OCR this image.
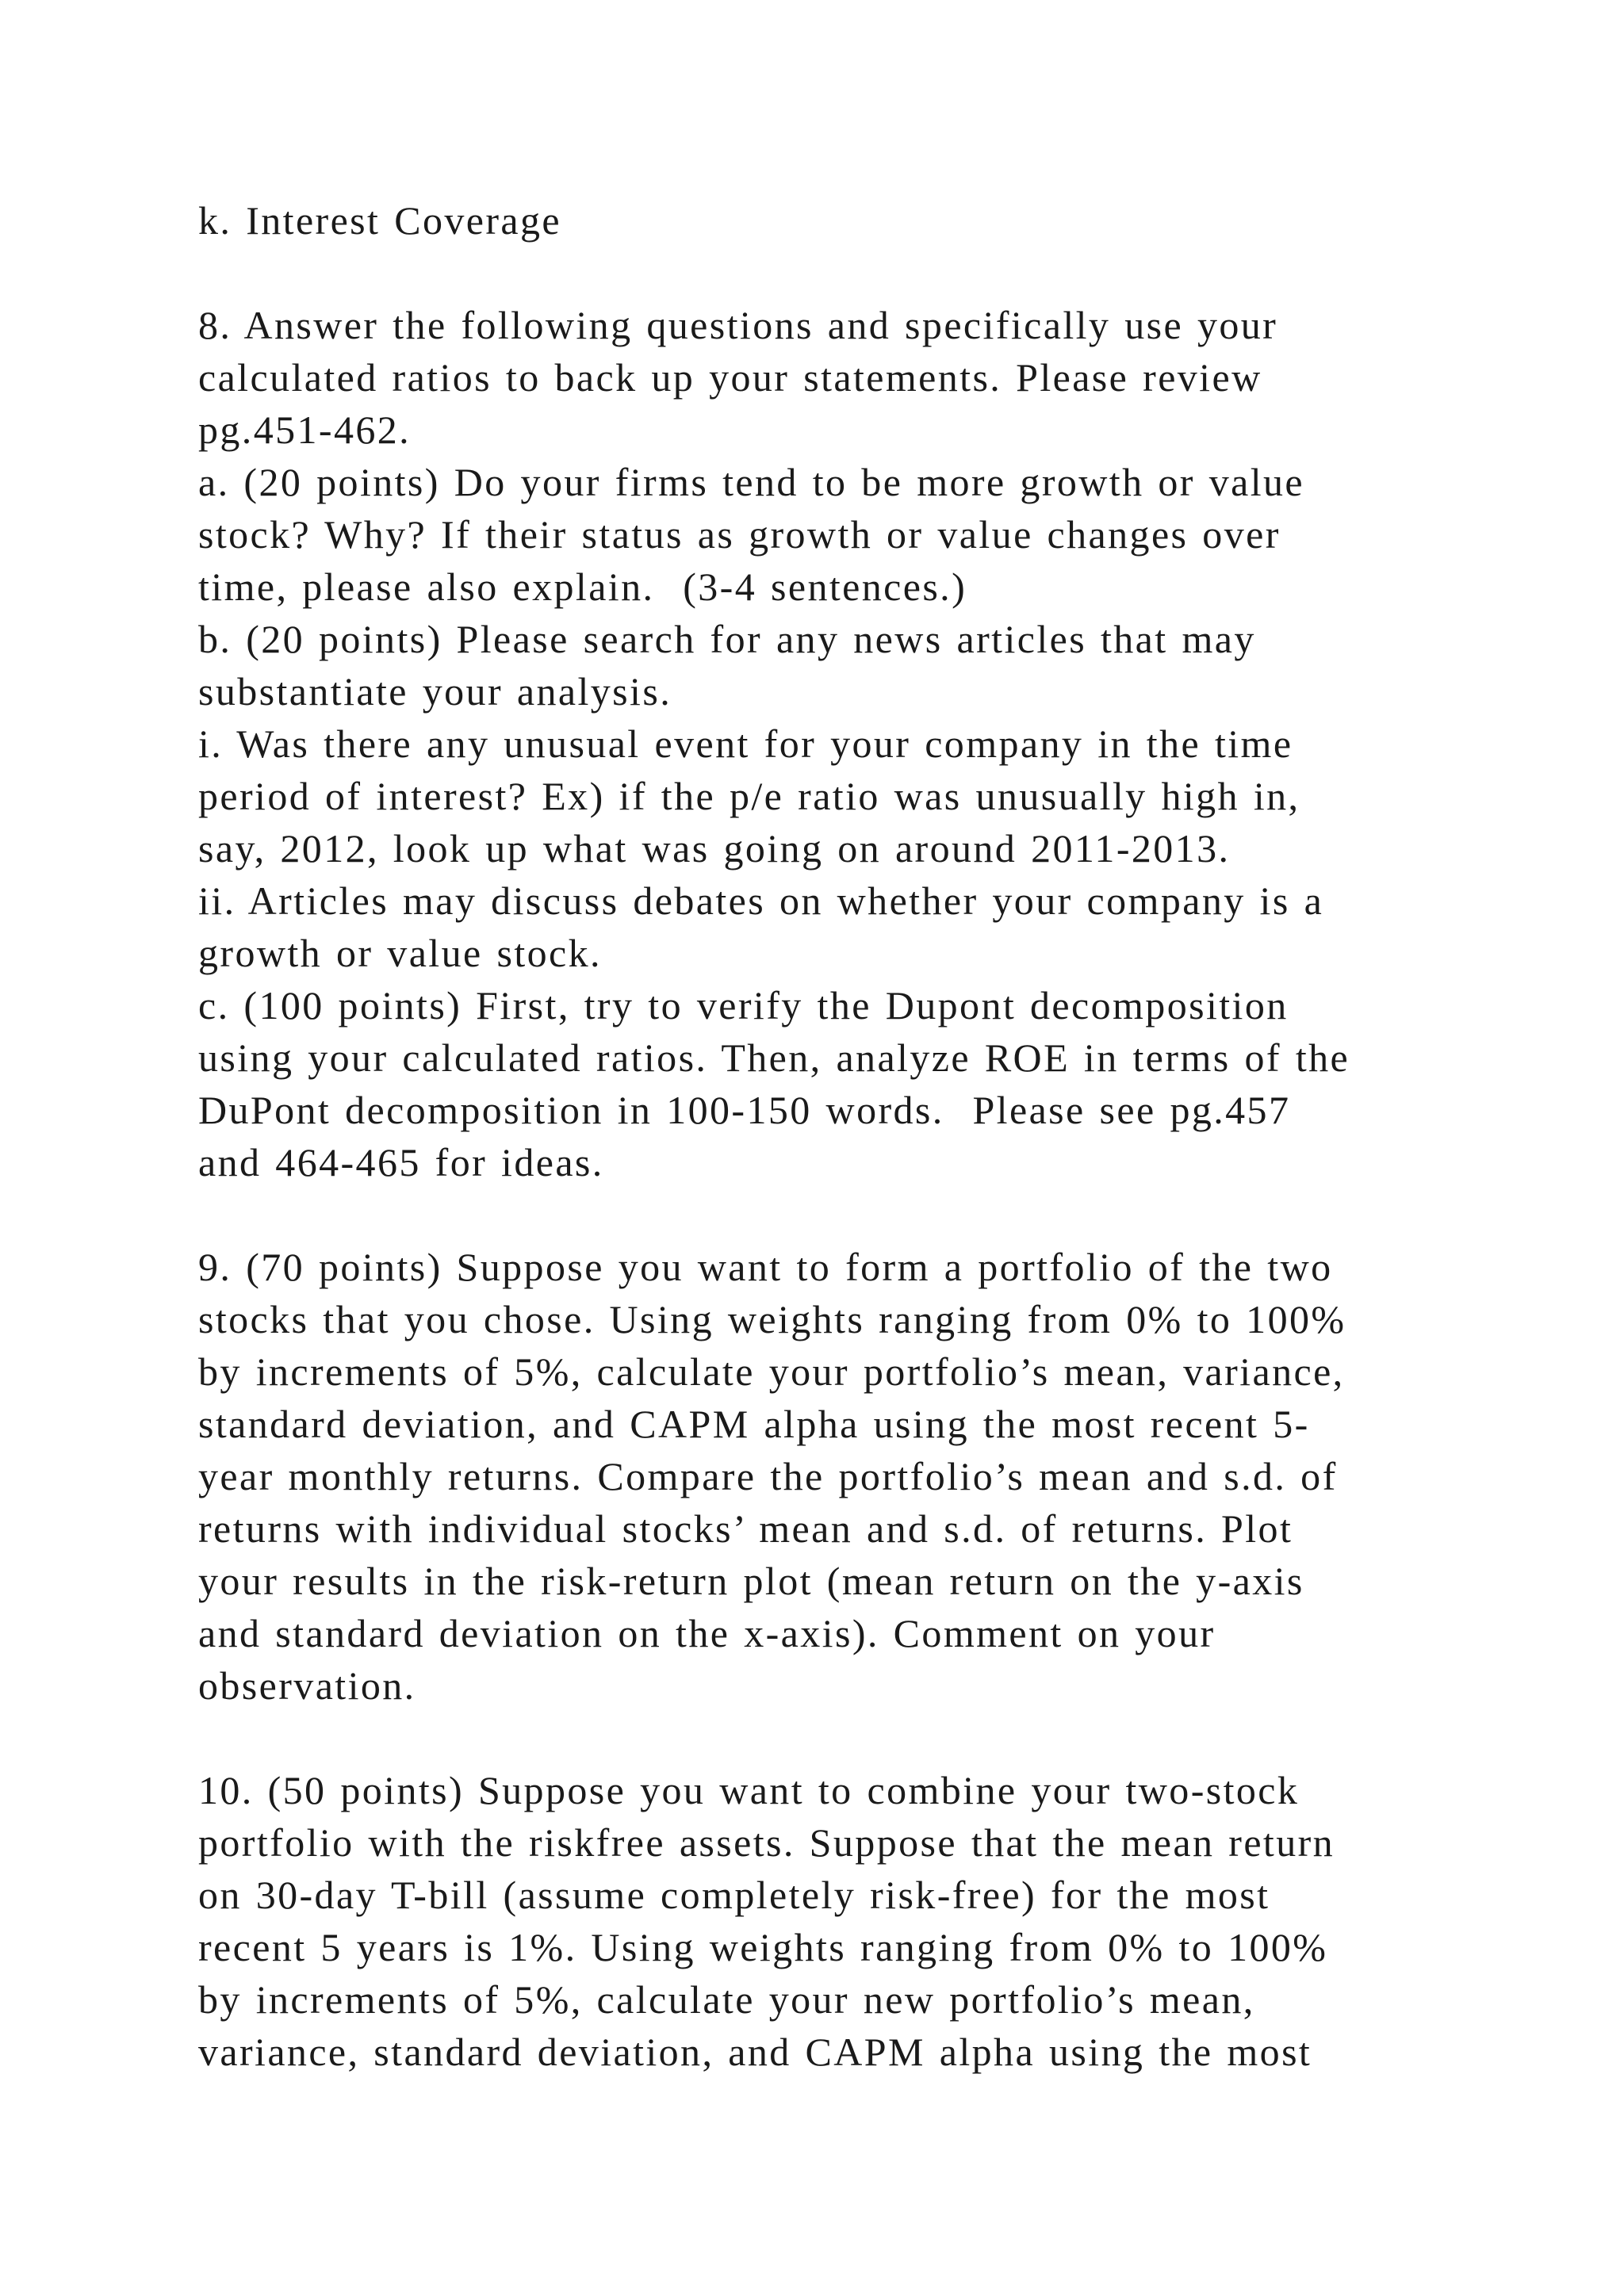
k. Interest Coverage
8. Answer the following questions and specifically use your
calculated ratios to back up your statements. Please review
pg.451-462.
a. (20 points) Do your firms tend to be more growth or value
stock? Why? If their status as growth or value changes over
time, please also explain.  (3-4 sentences.)
b. (20 points) Please search for any news articles that may
substantiate your analysis.
i. Was there any unusual event for your company in the time
period of interest? Ex) if the p/e ratio was unusually high in,
say, 2012, look up what was going on around 2011-2013.
ii. Articles may discuss debates on whether your company is a
growth or value stock.
c. (100 points) First, try to verify the Dupont decomposition
using your calculated ratios. Then, analyze ROE in terms of the
DuPont decomposition in 100-150 words.  Please see pg.457
and 464-465 for ideas.
9. (70 points) Suppose you want to form a portfolio of the two
stocks that you chose. Using weights ranging from 0% to 100%
by increments of 5%, calculate your portfolio’s mean, variance,
standard deviation, and CAPM alpha using the most recent 5-
year monthly returns. Compare the portfolio’s mean and s.d. of
returns with individual stocks’ mean and s.d. of returns. Plot
your results in the risk-return plot (mean return on the y-axis
and standard deviation on the x-axis). Comment on your
observation.
10. (50 points) Suppose you want to combine your two-stock
portfolio with the riskfree assets. Suppose that the mean return
on 30-day T-bill (assume completely risk-free) for the most
recent 5 years is 1%. Using weights ranging from 0% to 100%
by increments of 5%, calculate your new portfolio’s mean,
variance, standard deviation, and CAPM alpha using the most
